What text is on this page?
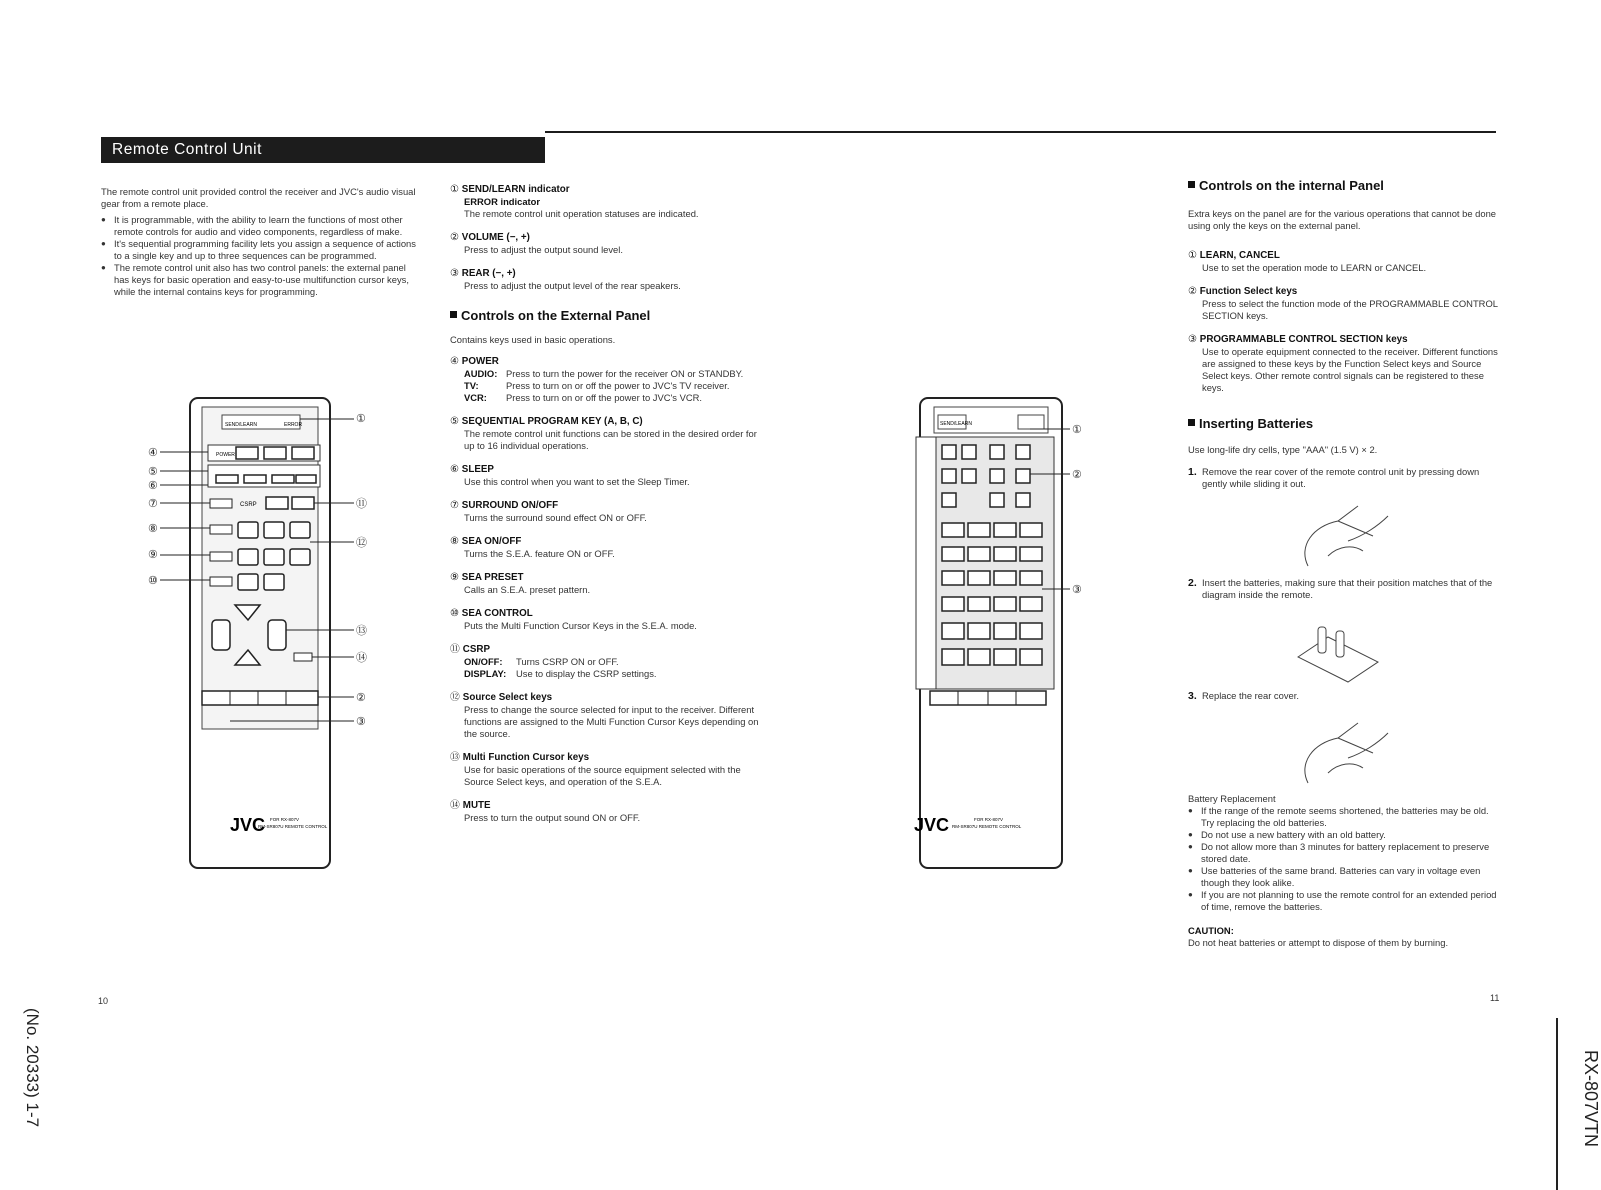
Remote Control Unit

The remote control unit provided control the receiver and JVC's audio visual gear from a remote place.

● It is programmable, with the ability to learn the functions of most other remote controls for audio and video components, regardless of make.
● It's sequential programming facility lets you assign a sequence of actions to a single key and up to three sequences can be programmed.
● The remote control unit also has two control panels: the external panel has keys for basic operation and easy-to-use multifunction cursor keys, while the internal contains keys for programming.
SEND/LEARN	ERROR
POWER
CSRP
JVC FOR RX-807V
RM-SR807U REMOTE CONTROL
④
⑤
⑥
⑦
⑧
⑨
⑩
①
⑪
⑫
⑬
⑭
②
③
① SEND/LEARN indicator
ERROR indicator
The remote control unit operation statuses are indicated.
② VOLUME (−, +)
Press to adjust the output sound level.
③ REAR (−, +)
Press to adjust the output level of the rear speakers.
Controls on the External Panel

Contains keys used in basic operations.

④ POWER
AUDIO: Press to turn the power for the receiver ON or STANDBY.
TV:	Press to turn on or off the power to JVC's TV receiver.
VCR:	Press to turn on or off the power to JVC's VCR.
⑤ SEQUENTIAL PROGRAM KEY (A, B, C)
The remote control unit functions can be stored in the desired order for up to 16 individual operations.
⑥ SLEEP
Use this control when you want to set the Sleep Timer.
⑦ SURROUND ON/OFF
Turns the surround sound effect ON or OFF.
⑧ SEA ON/OFF
Turns the S.E.A. feature ON or OFF.
⑨ SEA PRESET
Calls an S.E.A. preset pattern.
⑩ SEA CONTROL
Puts the Multi Function Cursor Keys in the S.E.A. mode.
⑪ CSRP
ON/OFF:	Turns CSRP ON or OFF.
DISPLAY:	Use to display the CSRP settings.
⑫ Source Select keys
Press to change the source selected for input to the receiver. Different functions are assigned to the Multi Function Cursor Keys depending on the source.
⑬ Multi Function Cursor keys
Use for basic operations of the source equipment selected with the Source Select keys, and operation of the S.E.A.
⑭ MUTE
Press to turn the output sound ON or OFF.
SEND/LEARN
JVC	FOR RX-807V
RM-SR807U REMOTE CONTROL
①
②
③
Controls on the internal Panel

Extra keys on the panel are for the various operations that cannot be done using only the keys on the external panel.

① LEARN, CANCEL
Use to set the operation mode to LEARN or CANCEL.
② Function Select keys
Press to select the function mode of the PROGRAMMABLE CONTROL SECTION keys.
③ PROGRAMMABLE CONTROL SECTION keys
Use to operate equipment connected to the receiver. Different functions are assigned to these keys by the Function Select keys and Source Select keys. Other remote control signals can be registered to these keys.
Inserting Batteries

Use long-life dry cells, type "AAA" (1.5 V) × 2.

1. Remove the rear cover of the remote control unit by pressing down gently while sliding it out.
2. Insert the batteries, making sure that their position matches that of the diagram inside the remote.
3. Replace the rear cover.
Battery Replacement
● If the range of the remote seems shortened, the batteries may be old. Try replacing the old batteries.
● Do not use a new battery with an old battery.
● Do not allow more than 3 minutes for battery replacement to preserve stored date.
● Use batteries of the same brand. Batteries can vary in voltage even though they look alike.
● If you are not planning to use the remote control for an extended period of time, remove the batteries.
CAUTION:
Do not heat batteries or attempt to dispose of them by burning.
10	11
(No. 20333) 1-7	RX-807VTN
